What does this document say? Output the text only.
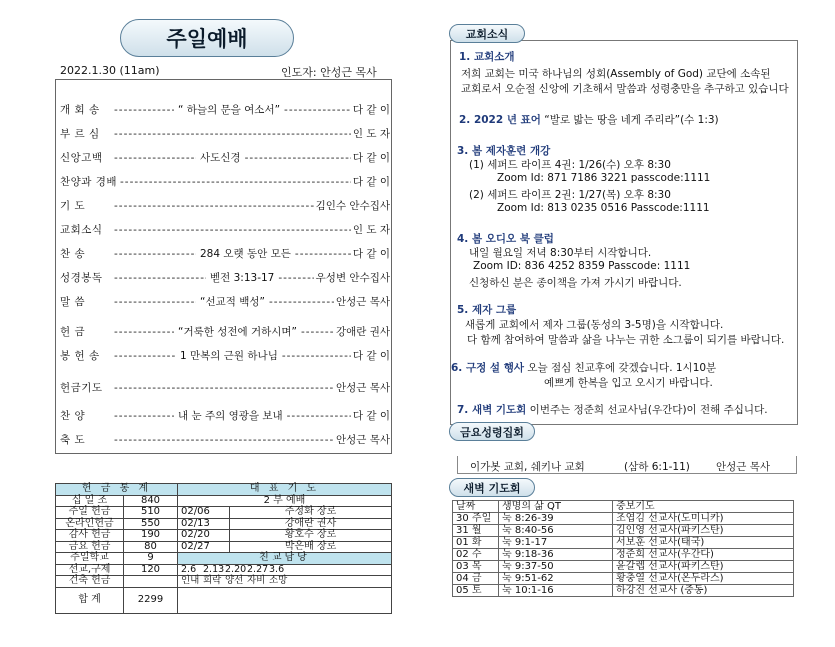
주일예배
2022.1.30 (11am)	인도자: 안성근 목사
개 회 송 -----	“ 하늘의 문을 여소서” -----	다 같 이
부 르 심 -----	인 도 자
신앙고백 -----	사도신경 -----	다 같 이
찬양과 경배 -----	다 같 이
기 도 -----	김인수 안수집사
교회소식 -----	인 도 자
찬 송 -----	284 오랫 동안 모든 -----	다 같 이
성경봉독 -----	벧전 3:13-17 -----	우성변 안수집사
말 씀 -----	“선교적 백성” -----	안성근 목사
헌 금 -----	“거룩한 성전에 거하시며” -----	강애란 권사
봉 헌 송 -----	1 만복의 근원 하나님 -----	다 같 이
헌금기도 -----	안성근 목사
찬 양 -----	내 눈 주의 영광을 보내 -----	다 같 이
축 도 -----	안성근 목사
헌 금 통 계		대 표 기 도	
십 일 조	840	2 부 예배	
주일 헌금	510	02/06	주정화 장로
온라인헌금	550	02/13	강애란 권사
감사 헌금	190	02/20	황호수 장로
금요 헌금	80	02/27	박은배 장로
주일학교	9	친교담당	
선교,구제	120	2.6 2.132.202.273.6	
건축 헌금		인내 희락 양선 자비 소망	
합 계	2299		
1. 교회소개
저희 교회는 미국 하나님의 성회(Assembly of God) 교단에 소속된
교회로서 오순절 신앙에 기초해서 말씀과 성령충만을 추구하고 있습니다
2. 2022 년 표어 “발로 밟는 땅을 네게 주리라”(수 1:3)
3. 봄 제자훈련 개강
(1) 세퍼드 라이프 4권: 1/26(수) 오후 8:30
Zoom Id: 871 7186 3221 passcode:1111
(2) 세퍼드 라이프 2권: 1/27(목) 오후 8:30
Zoom Id: 813 0235 0516 Passcode:1111
4. 봄 오디오 북 클럽
내일 월요일 저녁 8:30부터 시작합니다.
Zoom ID: 836 4252 8359 Passcode: 1111
신청하신 분은 종이책을 가져 가시기 바랍니다.
5. 제자 그룹
새롭게 교회에서 제자 그룹(동성의 3-5명)을 시작합니다.
다 함께 참여하여 말씀과 삶을 나누는 귀한 소그룹이 되기를 바랍니다.
6. 구정 설 행사 오늘 점심 친교후에 갖겠습니다. 1시10분
예쁘게 한복을 입고 오시기 바랍니다.
7. 새벽 기도회 이번주는 정준희 선교사님(우간다)이 전해 주십니다.
교회소식
이가봇 교회, 쉐키나 교회	(삼하 6:1-11) 안성근 목사
금요성령집회
새벽 기도회
날짜	생명의 삶 QT	중보기도
30 주일	눅 8:26-39	조엽김 선교사(도미니카)
31 월	눅 8:40-56	김인영 선교사(파키스탄)
01 화	눅 9:1-17	서보훈 선교사(태국)
02 수	눅 9:18-36	정준희 선교사(우간다)
03 목	눅 9:37-50	윤갈렙 선교사(파키스탄)
04 금	눅 9:51-62	황충열 선교사(온두라스)
05 토	눅 10:1-16	하강진 선교사 (중동)
